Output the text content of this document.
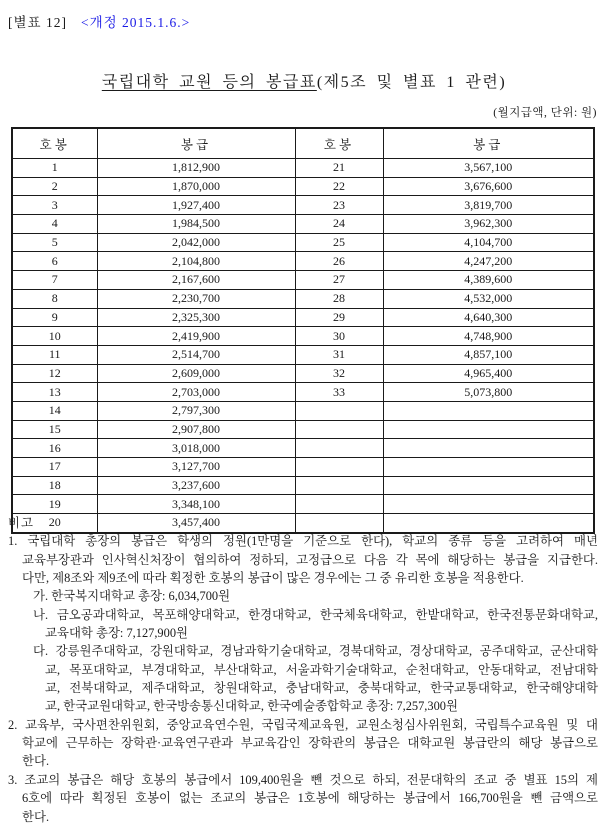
[별표 12] <개정 2015.1.6.>
국립대학 교원 등의 봉급표(제5조 및 별표 1 관련)
(월지급액, 단위: 원)
호봉	봉급	호봉	봉급
1	1,812,900	21	3,567,100
2	1,870,000	22	3,676,600
3	1,927,400	23	3,819,700
4	1,984,500	24	3,962,300
5	2,042,000	25	4,104,700
6	2,104,800	26	4,247,200
7	2,167,600	27	4,389,600
8	2,230,700	28	4,532,000
9	2,325,300	29	4,640,300
10	2,419,900	30	4,748,900
11	2,514,700	31	4,857,100
12	2,609,000	32	4,965,400
13	2,703,000	33	5,073,800
14	2,797,300		
15	2,907,800		
16	3,018,000		
17	3,127,700		
18	3,237,600		
19	3,348,100		
20	3,457,400		
비고
1. 국립대학 총장의 봉급은 학생의 정원(1만명을 기준으로 한다), 학교의 종류 등을 고려하여 매년
교육부장관과 인사혁신처장이 협의하여 정하되, 고정급으로 다음 각 목에 해당하는 봉급을 지급한다.
다만, 제8조와 제9조에 따라 획정한 호봉의 봉급이 많은 경우에는 그 중 유리한 호봉을 적용한다.
가. 한국복지대학교 총장: 6,034,700원
나. 금오공과대학교, 목포해양대학교, 한경대학교, 한국체육대학교, 한밭대학교, 한국전통문화대학교,
교육대학 총장: 7,127,900원
다. 강릉원주대학교, 강원대학교, 경남과학기술대학교, 경북대학교, 경상대학교, 공주대학교, 군산대학
교, 목포대학교, 부경대학교, 부산대학교, 서울과학기술대학교, 순천대학교, 안동대학교, 전남대학
교, 전북대학교, 제주대학교, 창원대학교, 충남대학교, 충북대학교, 한국교통대학교, 한국해양대학
교, 한국교원대학교, 한국방송통신대학교, 한국예술종합학교 총장: 7,257,300원
2. 교육부, 국사편찬위원회, 중앙교육연수원, 국립국제교육원, 교원소청심사위원회, 국립특수교육원 및 대
학교에 근무하는 장학관·교육연구관과 부교육감인 장학관의 봉급은 대학교원 봉급란의 해당 봉급으로
한다.
3. 조교의 봉급은 해당 호봉의 봉급에서 109,400원을 뺀 것으로 하되, 전문대학의 조교 중 별표 15의 제
6호에 따라 획정된 호봉이 없는 조교의 봉급은 1호봉에 해당하는 봉급에서 166,700원을 뺀 금액으로
한다.
